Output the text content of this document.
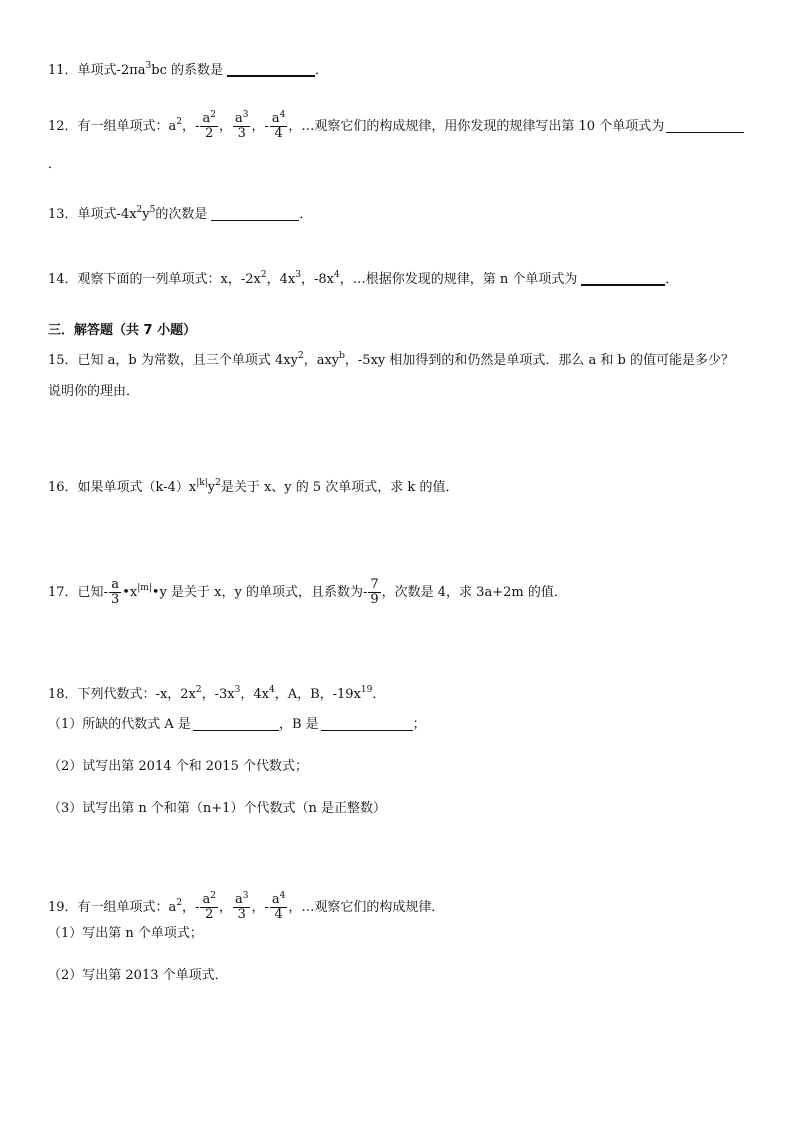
11．单项式$-2\pi a^3bc$ 的系数是	．
12．有一组单项式：$a^2$，- $\frac{a^2}{2}$ ， $\frac{a^3}{3}$ ，- $\frac{a^4}{4}$ ，…观察它们的构成规律，用你发现的规律写出第 10 个单项式为
．
13．单项式$-4x^2y^5$的次数是	．
14．观察下面的一列单项式：x，$-2x^2$，$4x^3$，$-8x^4$，…根据你发现的规律，第 n 个单项式为	．
三．解答题（共 7 小题）
15．已知 a，b 为常数，且三个单项式 $4xy^2$，axy$^b$，-5xy 相加得到的和仍然是单项式．那么 a 和 b 的值可能是多少？
说明你的理由．
16．如果单项式$(k-4)x^{|k|}y^2$是关于 x、y 的 5 次单项式，求 k 的值．
17．已知- $\frac{a}{3}$ $•x^{|m|}•y$ 是关于 x，y 的单项式，且系数为- $\frac{7}{9}$ ，次数是 4，求 3a+2m 的值．
18．下列代数式：-x，$2x^2$，$-3x^3$，$4x^4$，A，B，$-19x^{19}$．
（1）所缺的代数式 A 是	，B 是	；
（2）试写出第 2014 个和 2015 个代数式；
（3）试写出第 n 个和第（n+1）个代数式（n 是正整数）
19．有一组单项式：$a^2$，- $\frac{a^2}{2}$ ， $\frac{a^3}{3}$ ，- $\frac{a^4}{4}$ ，…观察它们的构成规律．
（1）写出第 n 个单项式；
（2）写出第 2013 个单项式．
